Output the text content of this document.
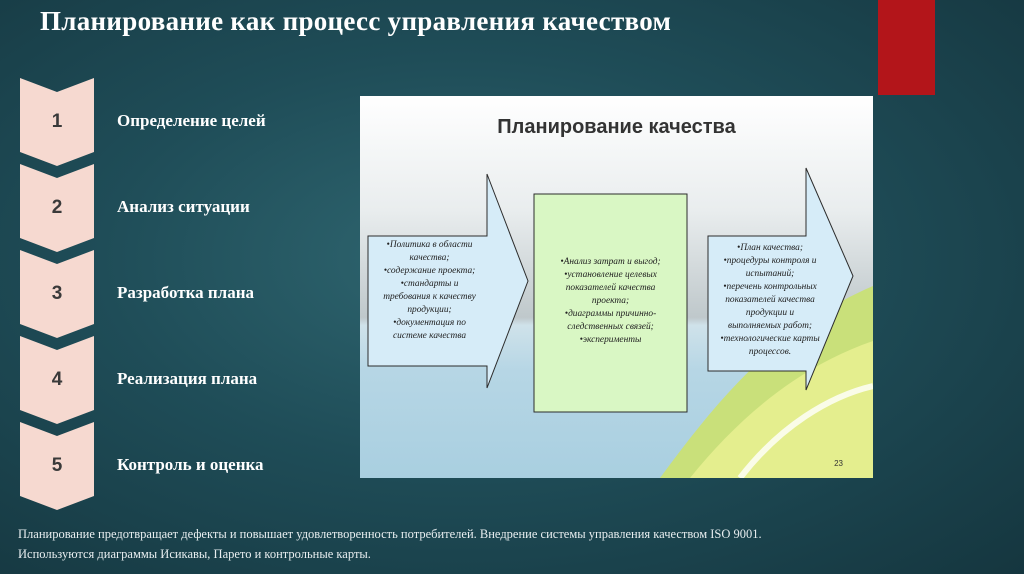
Планирование как процесс управления качеством
1	Определение целей
2	Анализ ситуации
3	Разработка плана
4	Реализация плана
5	Контроль и оценка
Планирование качества
•Политика в области
качества;
•содержание проекта;
•стандарты и
требования к качеству
продукции;
•документация по
системе качества
•Анализ затрат и выгод;
•установление целевых
показателей качества
проекта;
•диаграммы причинно-
следственных связей;
•эксперименты
•План качества;
•процедуры контроля и
испытаний;
•перечень контрольных
показателей качества
продукции и
выполняемых работ;
•технологические карты
процессов.
23
Планирование предотвращает дефекты и повышает удовлетворенность потребителей. Внедрение системы управления качеством ISO 9001.
Используются диаграммы Исикавы, Парето и контрольные карты.
